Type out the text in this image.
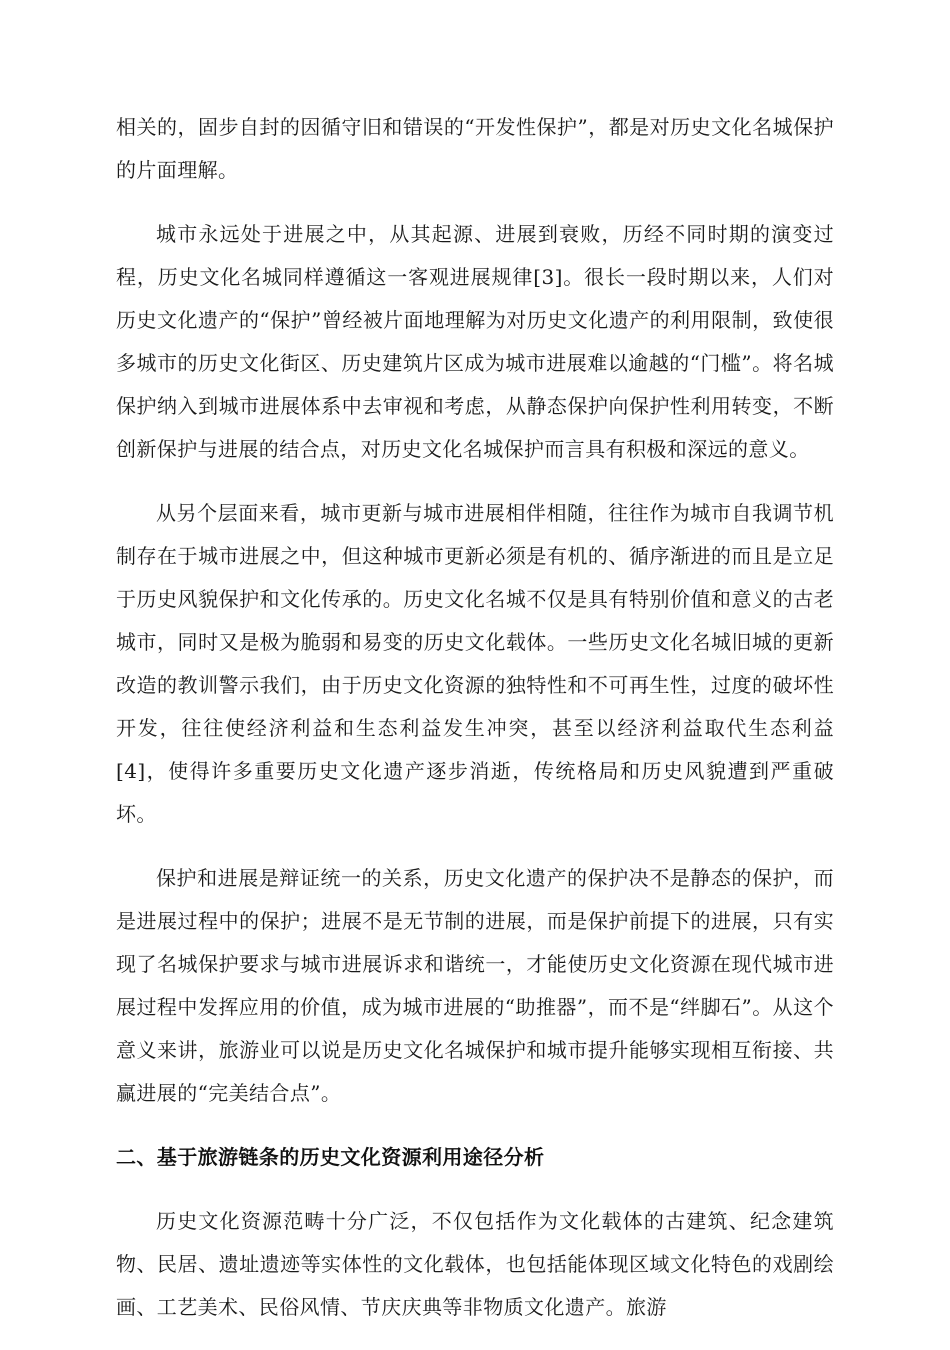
相关的，固步自封的因循守旧和错误的“开发性保护”，都是对历史文化名城保护的片面理解。

城市永远处于进展之中，从其起源、进展到衰败，历经不同时期的演变过程，历史文化名城同样遵循这一客观进展规律[3]。很长一段时期以来，人们对历史文化遗产的“保护”曾经被片面地理解为对历史文化遗产的利用限制，致使很多城市的历史文化街区、历史建筑片区成为城市进展难以逾越的“门槛”。将名城保护纳入到城市进展体系中去审视和考虑，从静态保护向保护性利用转变，不断创新保护与进展的结合点，对历史文化名城保护而言具有积极和深远的意义。

从另个层面来看，城市更新与城市进展相伴相随，往往作为城市自我调节机制存在于城市进展之中，但这种城市更新必须是有机的、循序渐进的而且是立足于历史风貌保护和文化传承的。历史文化名城不仅是具有特别价值和意义的古老城市，同时又是极为脆弱和易变的历史文化载体。一些历史文化名城旧城的更新改造的教训警示我们，由于历史文化资源的独特性和不可再生性，过度的破坏性开发，往往使经济利益和生态利益发生冲突，甚至以经济利益取代生态利益[4]，使得许多重要历史文化遗产逐步消逝，传统格局和历史风貌遭到严重破坏。

保护和进展是辩证统一的关系，历史文化遗产的保护决不是静态的保护，而是进展过程中的保护；进展不是无节制的进展，而是保护前提下的进展，只有实现了名城保护要求与城市进展诉求和谐统一，才能使历史文化资源在现代城市进展过程中发挥应用的价值，成为城市进展的“助推器”，而不是“绊脚石”。从这个意义来讲，旅游业可以说是历史文化名城保护和城市提升能够实现相互衔接、共赢进展的“完美结合点”。

二、基于旅游链条的历史文化资源利用途径分析

历史文化资源范畴十分广泛，不仅包括作为文化载体的古建筑、纪念建筑物、民居、遗址遗迹等实体性的文化载体，也包括能体现区域文化特色的戏剧绘画、工艺美术、民俗风情、节庆庆典等非物质文化遗产。旅游
